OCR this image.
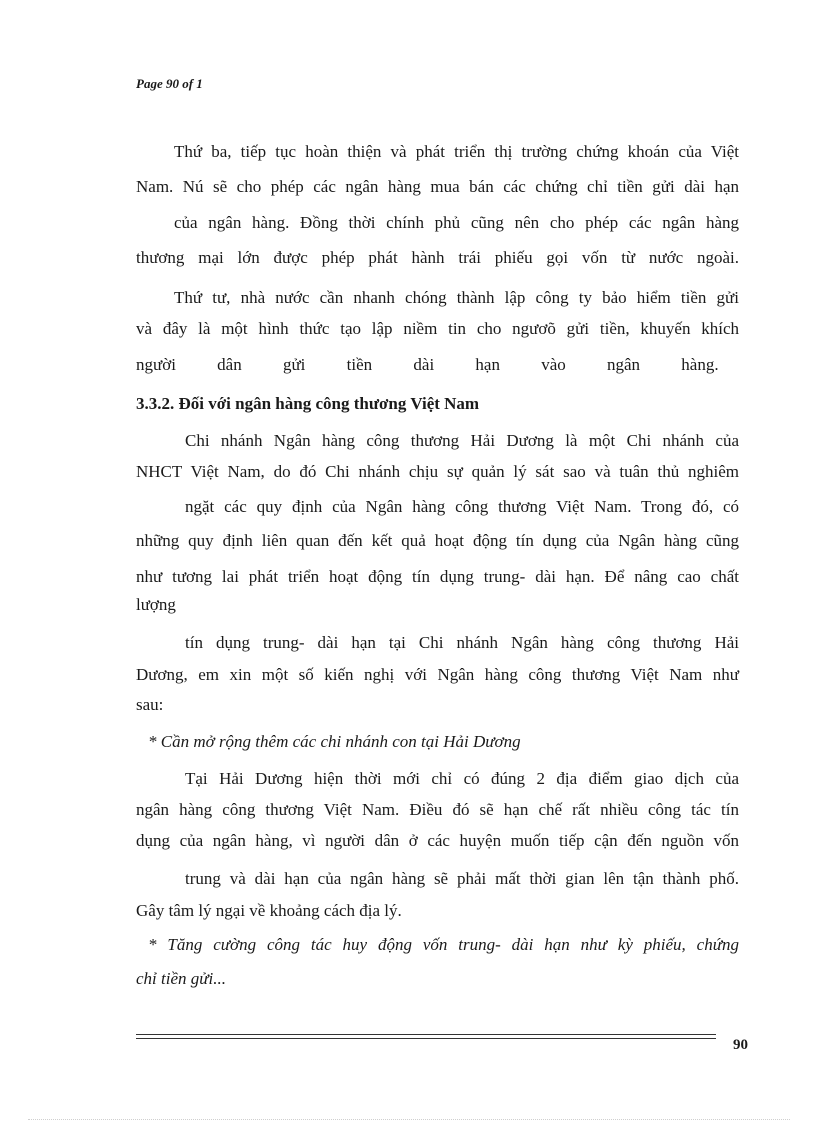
Page 90 of 1
Thứ ba, tiếp tục hoàn thiện và phát triển thị trường chứng khoán của Việt
Nam. Nú sẽ cho phép các ngân hàng mua bán các chứng chỉ tiền gửi dài hạn
của ngân hàng. Đồng thời chính phủ cũng nên cho phép các ngân hàng
thương mại lớn được phép phát hành trái phiếu gọi vốn từ nước ngoài.
Thứ tư, nhà nước cần nhanh chóng thành lập công ty bảo hiểm tiền gửi
và đây là một hình thức tạo lập niềm tin cho ngươõ gửi tiền, khuyến khích
người dân gửi tiền dài hạn vào ngân hàng.
3.3.2. Đối với ngân hàng công thương Việt Nam
Chi nhánh Ngân hàng công thương Hải Dương là một Chi nhánh của
NHCT Việt Nam, do đó Chi nhánh chịu sự quản lý sát sao và tuân thủ nghiêm
ngặt các quy định của Ngân hàng công thương Việt Nam. Trong đó, có
những quy định liên quan đến kết quả hoạt động tín dụng của Ngân hàng cũng
như tương lai phát triển hoạt động tín dụng trung- dài hạn. Để nâng cao chất
lượng
tín dụng trung- dài hạn tại Chi nhánh Ngân hàng công thương Hải
Dương, em xin một số kiến nghị với Ngân hàng công thương Việt Nam như
sau:
* Cần mở rộng thêm các chi nhánh con tại Hải Dương
Tại Hải Dương hiện thời mới chỉ có đúng 2 địa điểm giao dịch của
ngân hàng công thương Việt Nam. Điều đó sẽ hạn chế rất nhiều công tác tín
dụng của ngân hàng, vì người dân ở các huyện muốn tiếp cận đến nguồn vốn
trung và dài hạn của ngân hàng sẽ phải mất thời gian lên tận thành phố.
Gây tâm lý ngại về khoảng cách địa lý.
* Tăng cường công tác huy động vốn trung- dài hạn như kỳ phiếu, chứng
chỉ tiền gửi...
90
